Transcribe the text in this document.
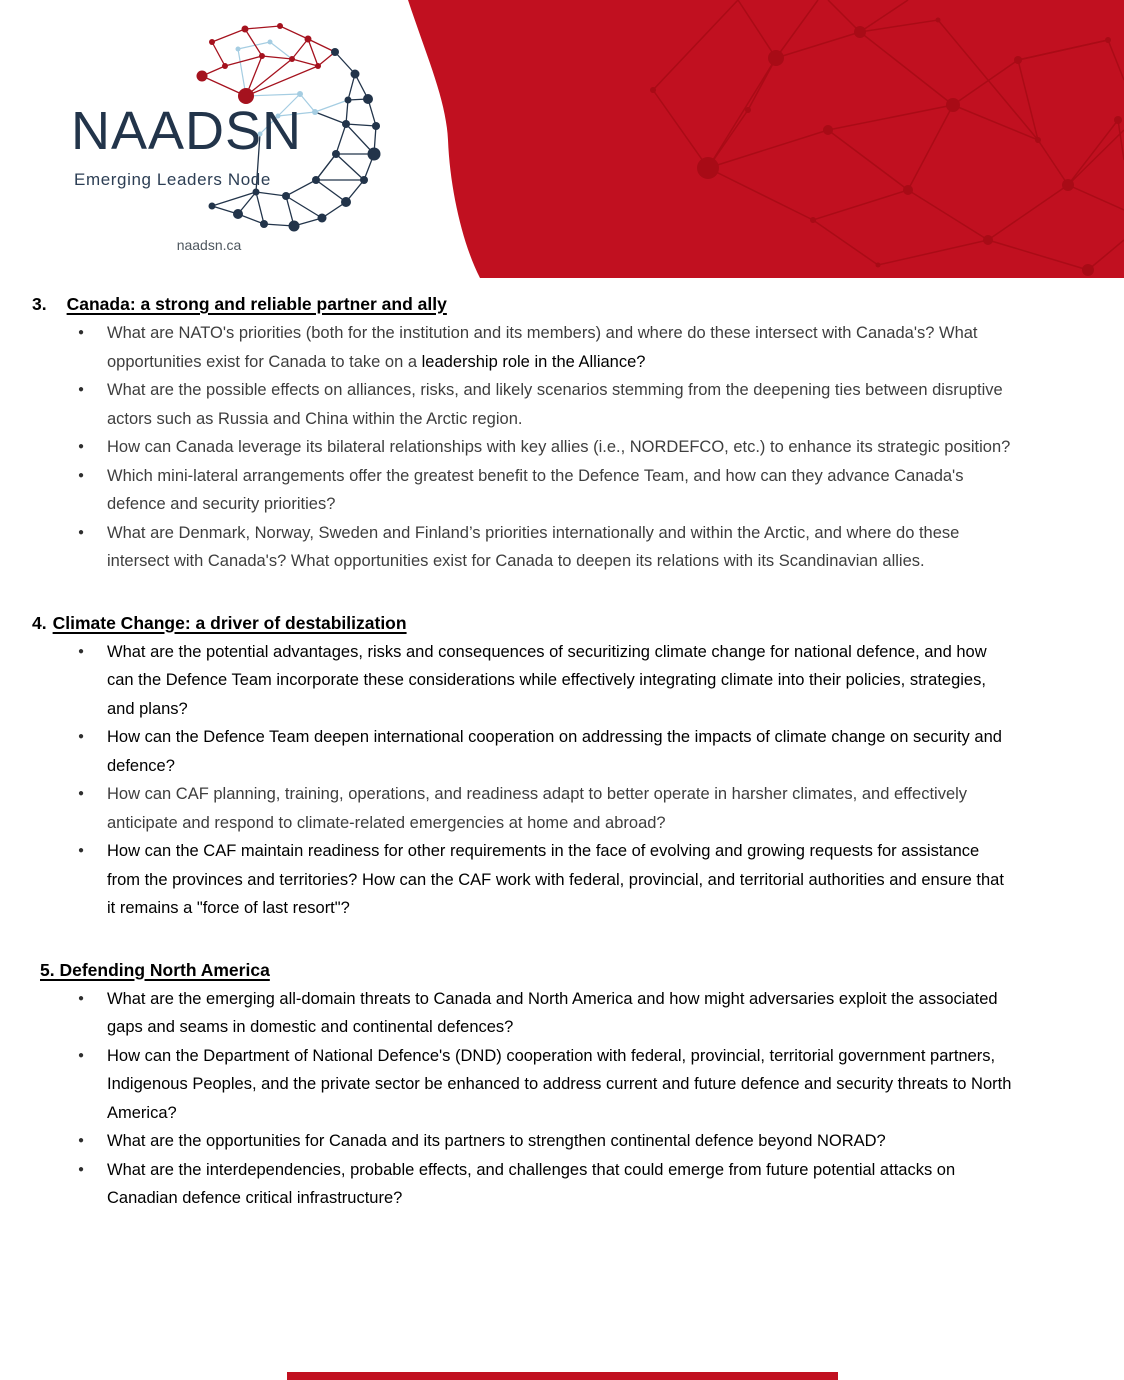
NAADSN
Emerging Leaders Node
naadsn.ca
3. Canada: a strong and reliable partner and ally
● What are NATO's priorities (both for the institution and its members) and where do these intersect with Canada's? What opportunities exist for Canada to take on a leadership role in the Alliance?
● What are the possible effects on alliances, risks, and likely scenarios stemming from the deepening ties between disruptive actors such as Russia and China within the Arctic region.
● How can Canada leverage its bilateral relationships with key allies (i.e., NORDEFCO, etc.) to enhance its strategic position?
● Which mini-lateral arrangements offer the greatest benefit to the Defence Team, and how can they advance Canada's defence and security priorities?
● What are Denmark, Norway, Sweden and Finland’s priorities internationally and within the Arctic, and where do these intersect with Canada's? What opportunities exist for Canada to deepen its relations with its Scandinavian allies.
4. Climate Change: a driver of destabilization
● What are the potential advantages, risks and consequences of securitizing climate change for national defence, and how can the Defence Team incorporate these considerations while effectively integrating climate into their policies, strategies, and plans?
● How can the Defence Team deepen international cooperation on addressing the impacts of climate change on security and defence?
● How can CAF planning, training, operations, and readiness adapt to better operate in harsher climates, and effectively anticipate and respond to climate-related emergencies at home and abroad?
● How can the CAF maintain readiness for other requirements in the face of evolving and growing requests for assistance from the provinces and territories? How can the CAF work with federal, provincial, and territorial authorities and ensure that it remains a "force of last resort"?
5. Defending North America
● What are the emerging all-domain threats to Canada and North America and how might adversaries exploit the associated gaps and seams in domestic and continental defences?
● How can the Department of National Defence's (DND) cooperation with federal, provincial, territorial government partners, Indigenous Peoples, and the private sector be enhanced to address current and future defence and security threats to North America?
● What are the opportunities for Canada and its partners to strengthen continental defence beyond NORAD?
● What are the interdependencies, probable effects, and challenges that could emerge from future potential attacks on Canadian defence critical infrastructure?
